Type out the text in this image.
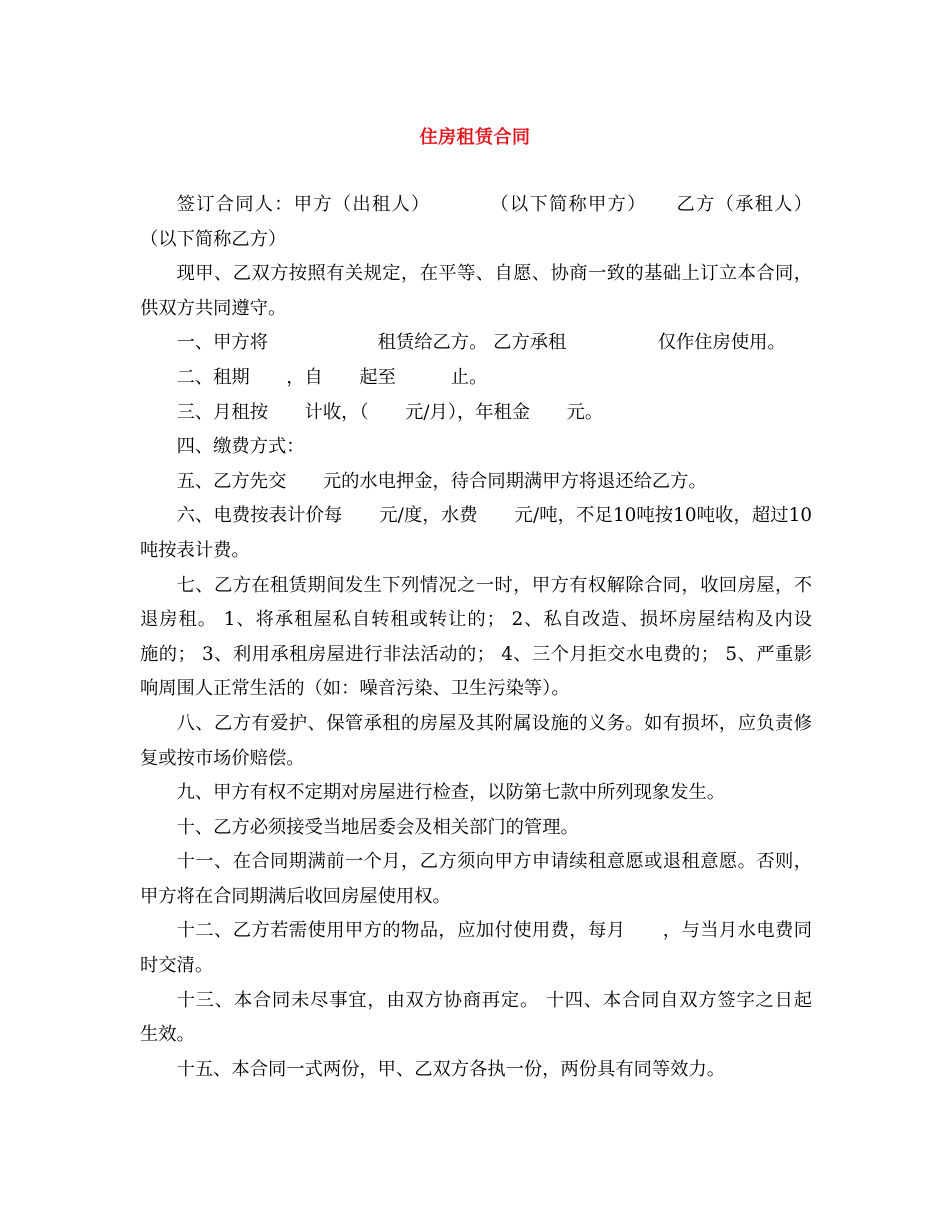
住房租赁合同
签订合同人：甲方（出租人）　　　　（以下简称甲方）　　乙方（承租人）
（以下简称乙方）
现甲、乙双方按照有关规定，在平等、自愿、协商一致的基础上订立本合同，
供双方共同遵守。
一、甲方将　　　　　　租赁给乙方。 乙方承租　　　　　仅作住房使用。
二、租期　　，自　　起至　　　止。
三、月租按　　计收，（　　元/月），年租金　　元。
四、缴费方式：
五、乙方先交　　元的水电押金，待合同期满甲方将退还给乙方。
六、电费按表计价每　　元/度，水费　　元/吨，不足10吨按10吨收，超过10
吨按表计费。
七、乙方在租赁期间发生下列情况之一时，甲方有权解除合同，收回房屋，不
退房租。 1、将承租屋私自转租或转让的； 2、私自改造、损坏房屋结构及内设
施的； 3、利用承租房屋进行非法活动的； 4、三个月拒交水电费的； 5、严重影
响周围人正常生活的（如：噪音污染、卫生污染等）。
八、乙方有爱护、保管承租的房屋及其附属设施的义务。如有损坏，应负责修
复或按市场价赔偿。
九、甲方有权不定期对房屋进行检查，以防第七款中所列现象发生。
十、乙方必须接受当地居委会及相关部门的管理。
十一、在合同期满前一个月，乙方须向甲方申请续租意愿或退租意愿。否则，
甲方将在合同期满后收回房屋使用权。
十二、乙方若需使用甲方的物品，应加付使用费，每月　　，与当月水电费同
时交清。
十三、本合同未尽事宜，由双方协商再定。 十四、本合同自双方签字之日起
生效。
十五、本合同一式两份，甲、乙双方各执一份，两份具有同等效力。
